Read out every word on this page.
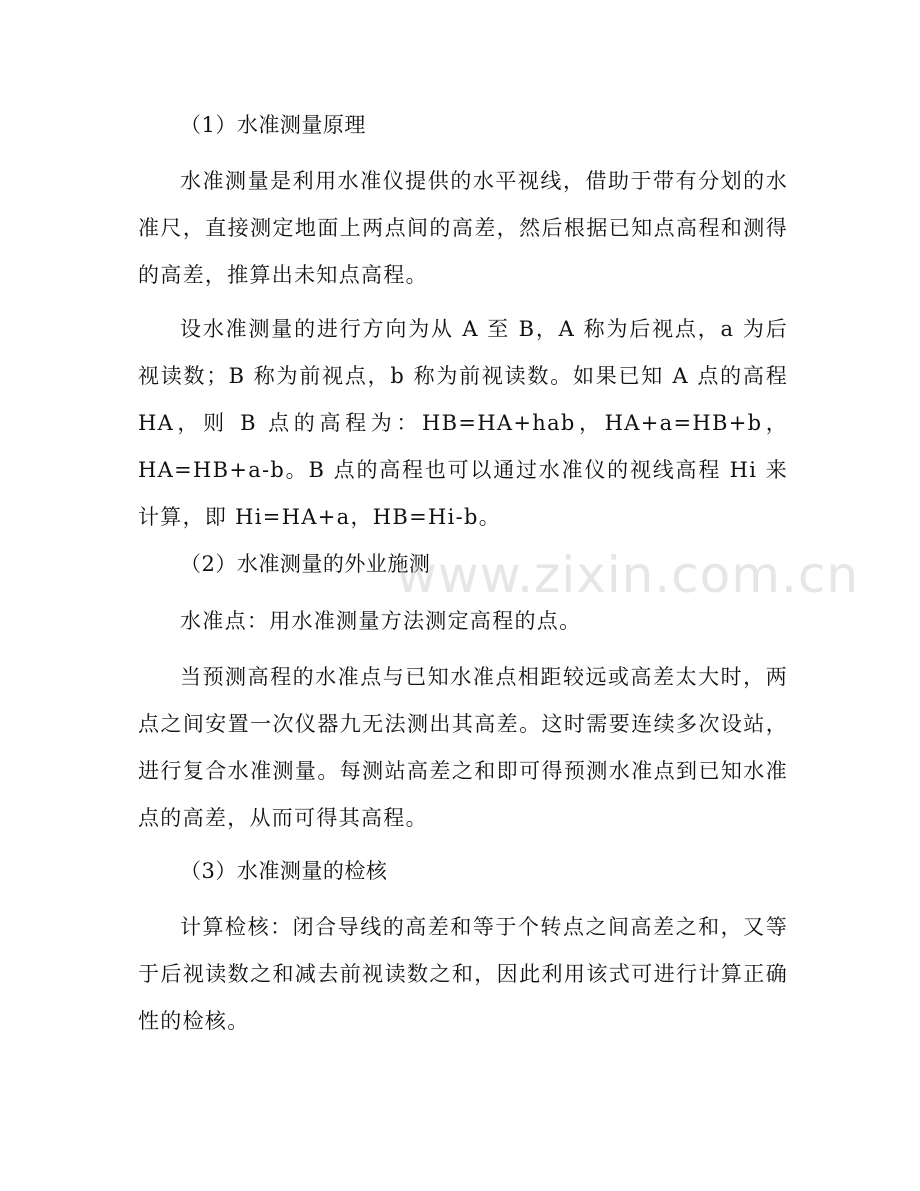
（1）水准测量原理

水准测量是利用水准仪提供的水平视线，借助于带有分划的水准尺，直接测定地面上两点间的高差，然后根据已知点高程和测得的高差，推算出未知点高程。

设水准测量的进行方向为从 A 至 B，A 称为后视点，a 为后视读数；B 称为前视点，b 称为前视读数。如果已知 A 点的高程 HA，则 B 点的高程为：HB=HA+hab，HA+a=HB+b，HA=HB+a-b。B 点的高程也可以通过水准仪的视线高程 Hi 来计算，即 Hi=HA+a，HB=Hi-b。

（2）水准测量的外业施测

水准点：用水准测量方法测定高程的点。

当预测高程的水准点与已知水准点相距较远或高差太大时，两点之间安置一次仪器九无法测出其高差。这时需要连续多次设站，进行复合水准测量。每测站高差之和即可得预测水准点到已知水准点的高差，从而可得其高程。

（3）水准测量的检核

计算检核：闭合导线的高差和等于个转点之间高差之和，又等于后视读数之和减去前视读数之和，因此利用该式可进行计算正确性的检核。

www.zixin.com.cn
